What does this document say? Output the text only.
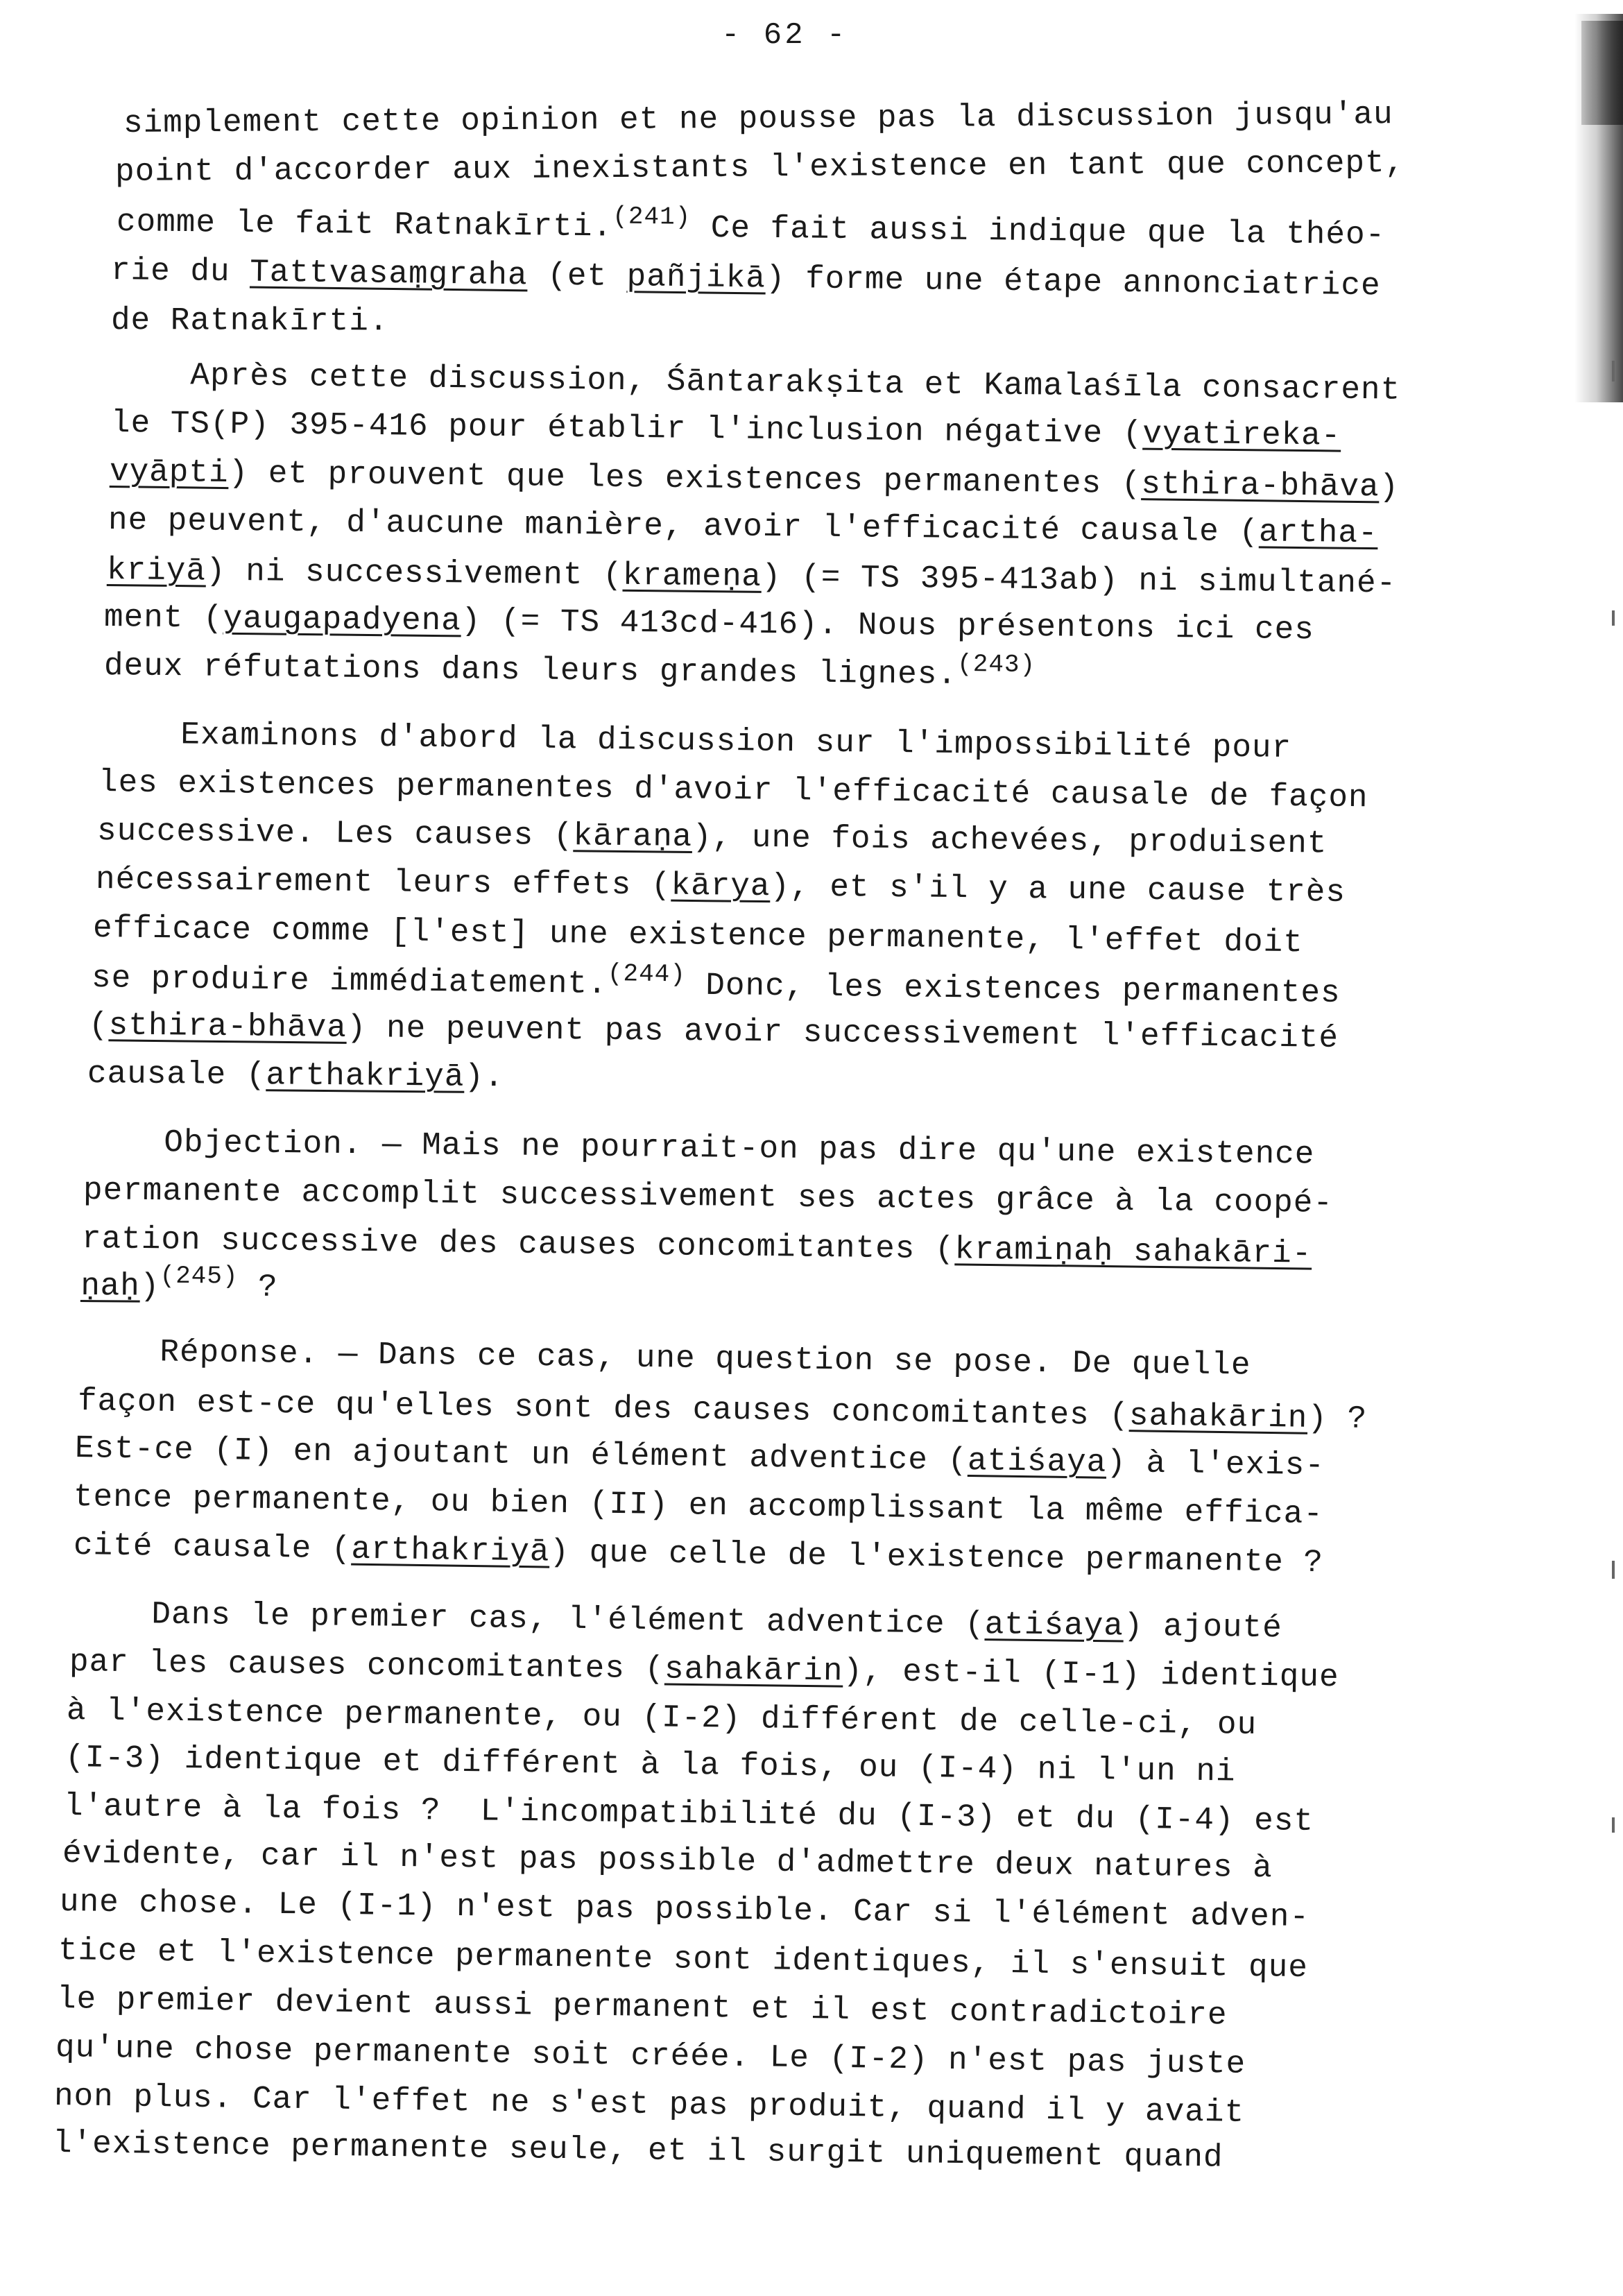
- 62 -
simplement cette opinion et ne pousse pas la discussion jusqu'au
point d'accorder aux inexistants l'existence en tant que concept,
comme le fait Ratnakīrti.$^{(241)}$ Ce fait aussi indique que la théo-
rie du Tattvasaṃgraha (et pañjikā) forme une étape annonciatrice
de Ratnakīrti.
Après cette discussion, Śāntarakṣita et Kamalaśīla consacrent
le TS(P) 395-416 pour établir l'inclusion négative (vyatireka-
vyāpti) et prouvent que les existences permanentes (sthira-bhāva)
ne peuvent, d'aucune manière, avoir l'efficacité causale (artha-
kriyā) ni successivement (krameṇa) (= TS 395-413ab) ni simultané-
ment (yaugapadyena) (= TS 413cd-416). Nous présentons ici ces
deux réfutations dans leurs grandes lignes.$^{(243)}$
Examinons d'abord la discussion sur l'impossibilité pour
les existences permanentes d'avoir l'efficacité causale de façon
successive. Les causes (kāraṇa), une fois achevées, produisent
nécessairement leurs effets (kārya), et s'il y a une cause très
efficace comme [l'est] une existence permanente, l'effet doit
se produire immédiatement.$^{(244)}$ Donc, les existences permanentes
(sthira-bhāva) ne peuvent pas avoir successivement l'efficacité
causale (arthakriyā).
Objection. — Mais ne pourrait-on pas dire qu'une existence
permanente accomplit successivement ses actes grâce à la coopé-
ration successive des causes concomitantes (kramiṇaḥ sahakāri-
ṇaḥ)$^{(245)}$ ?
Réponse. — Dans ce cas, une question se pose. De quelle
façon est-ce qu'elles sont des causes concomitantes (sahakārin) ?
Est-ce (I) en ajoutant un élément adventice (atiśaya) à l'exis-
tence permanente, ou bien (II) en accomplissant la même effica-
cité causale (arthakriyā) que celle de l'existence permanente ?
Dans le premier cas, l'élément adventice (atiśaya) ajouté
par les causes concomitantes (sahakārin), est-il (I-1) identique
à l'existence permanente, ou (I-2) différent de celle-ci, ou
(I-3) identique et différent à la fois, ou (I-4) ni l'un ni
l'autre à la fois ?  L'incompatibilité du (I-3) et du (I-4) est
évidente, car il n'est pas possible d'admettre deux natures à
une chose. Le (I-1) n'est pas possible. Car si l'élément adven-
tice et l'existence permanente sont identiques, il s'ensuit que
le premier devient aussi permanent et il est contradictoire
qu'une chose permanente soit créée. Le (I-2) n'est pas juste
non plus. Car l'effet ne s'est pas produit, quand il y avait
l'existence permanente seule, et il surgit uniquement quand
